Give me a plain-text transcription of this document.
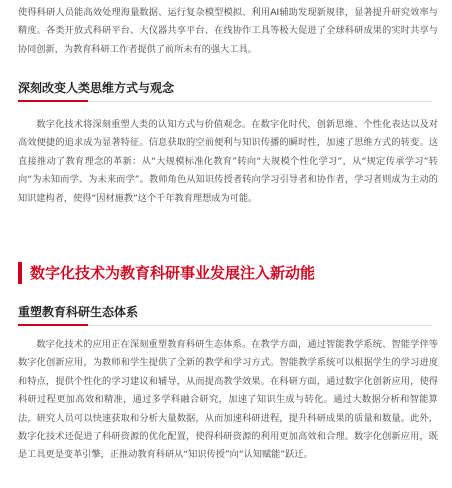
使得科研人员能高效处理海量数据、运行复杂模型模拟、利用AI辅助发现新规律，显著提升研究效率与精度。各类开放式科研平台、大仪器共享平台、在线协作工具等极大促进了全球科研成果的实时共享与协同创新，为教育科研工作者提供了前所未有的强大工具。

深刻改变人类思维方式与观念

数字化技术将深刻重塑人类的认知方式与价值观念。在数字化时代，创新思维、个性化表达以及对高效便捷的追求成为显著特征。信息获取的空前便利与知识传播的瞬时性，加速了思维方式的转变。这直接推动了教育理念的革新：从“大规模标准化教育”转向“大规模个性化学习”，从“规定传承学习”转向“为未知而学、为未来而学”。教师角色从知识传授者转向学习引导者和协作者，学习者则成为主动的知识建构者，使得“因材施教”这个千年教育理想成为可能。

数字化技术为教育科研事业发展注入新动能
重塑教育科研生态体系

数字化技术的应用正在深刻重塑教育科研生态体系。在教学方面，通过智能教学系统、智能学伴等数字化创新应用，为教师和学生提供了全新的教学和学习方式。智能教学系统可以根据学生的学习进度和特点，提供个性化的学习建议和辅导，从而提高教学效果。在科研方面，通过数字化创新应用，使得科研过程更加高效和精准，通过多学科融合研究，加速了知识生成与转化。通过大数据分析和智能算法，研究人员可以快速获取和分析大量数据，从而加速科研进程，提升科研成果的质量和数量。此外，数字化技术还促进了科研资源的优化配置，使得科研资源的利用更加高效和合理。数字化创新应用，既是工具更是变革引擎，正推动教育科研从“知识传授”向“认知赋能”跃迁。
